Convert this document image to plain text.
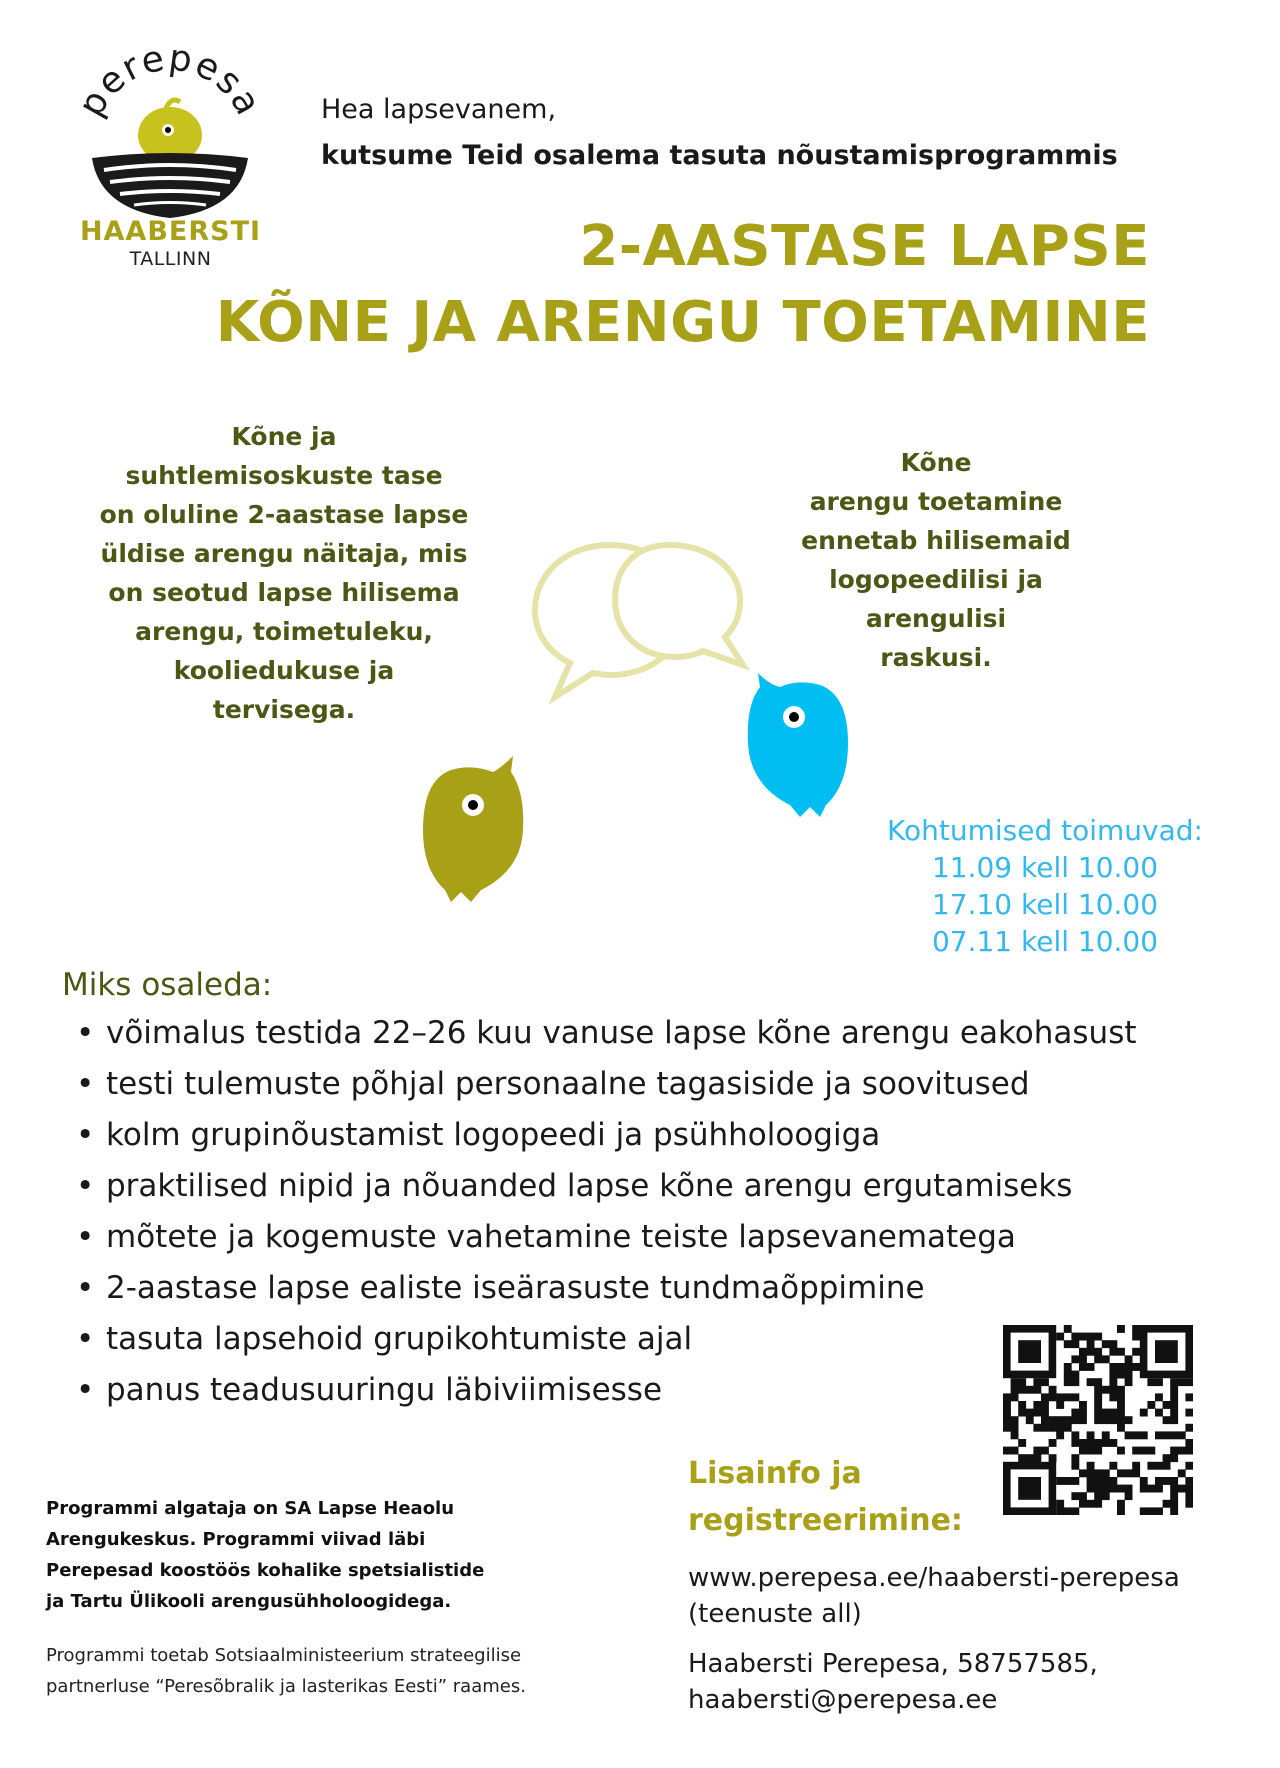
perepesa
HAABERSTI
TALLINN
Hea lapsevanem,
kutsume Teid osalema tasuta nõustamisprogrammis
2-AASTASE LAPSE
KÕNE JA ARENGU TOETAMINE
Kõne ja
suhtlemisoskuste tase
on oluline 2-aastase lapse
üldise arengu näitaja, mis
on seotud lapse hilisema
arengu, toimetuleku,
kooliedukuse ja
tervisega.
Kõne
arengu toetamine
ennetab hilisemaid
logopeedilisi ja
arengulisi
raskusi.
Kohtumised toimuvad:
11.09 kell 10.00
17.10 kell 10.00
07.11 kell 10.00
Miks osaleda:
• võimalus testida 22–26 kuu vanuse lapse kõne arengu eakohasust
• testi tulemuste põhjal personaalne tagasiside ja soovitused
• kolm grupinõustamist logopeedi ja psühholoogiga
• praktilised nipid ja nõuanded lapse kõne arengu ergutamiseks
• mõtete ja kogemuste vahetamine teiste lapsevanematega
• 2-aastase lapse ealiste iseärasuste tundmaõppimine
• tasuta lapsehoid grupikohtumiste ajal
• panus teadusuuringu läbiviimisesse
Lisainfo ja
registreerimine:
www.perepesa.ee/haabersti-perepesa
(teenuste all)
Haabersti Perepesa, 58757585,
haabersti@perepesa.ee
Programmi algataja on SA Lapse Heaolu
Arengukeskus. Programmi viivad läbi
Perepesad koostöös kohalike spetsialistide
ja Tartu Ülikooli arengusühholoogidega.
Programmi toetab Sotsiaalministeerium strateegilise
partnerluse “Peresõbralik ja lasterikas Eesti” raames.
